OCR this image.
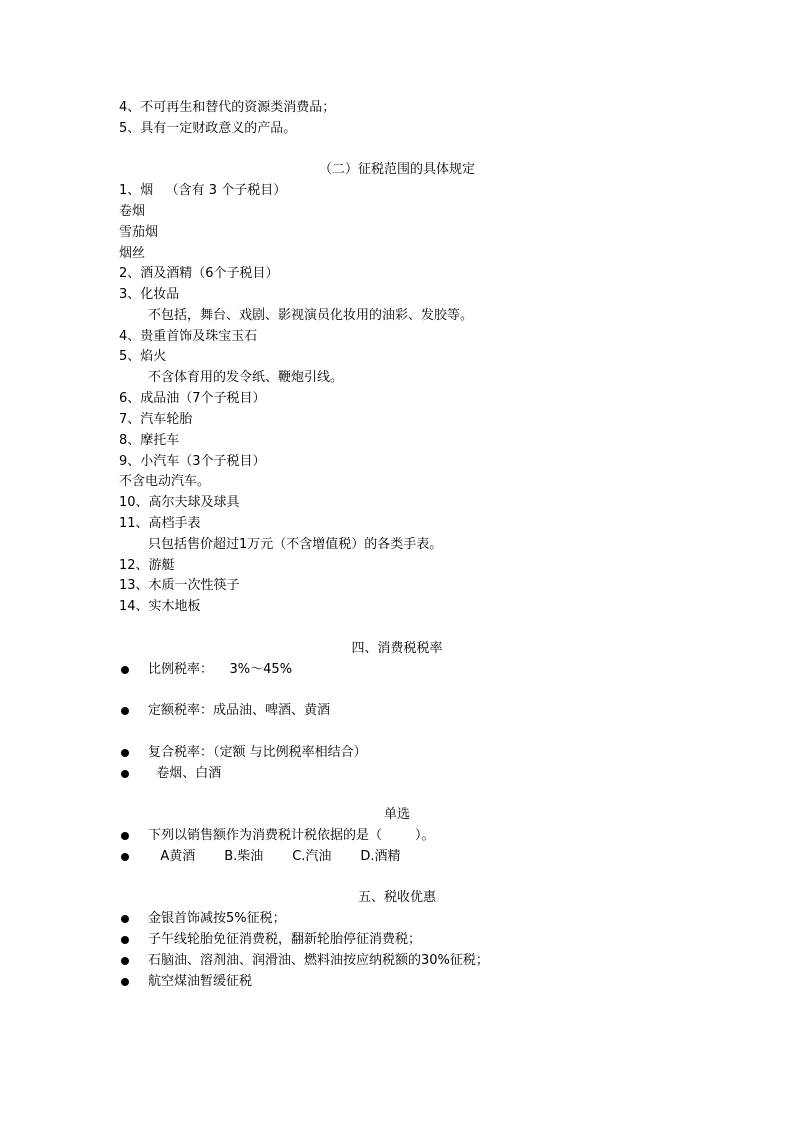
4、不可再生和替代的资源类消费品；
5、具有一定财政意义的产品。
（二）征税范围的具体规定
1、烟   （含有 3 个子税目）
卷烟
雪茄烟
烟丝
2、酒及酒精（6个子税目）
3、化妆品
不包括，舞台、戏剧、影视演员化妆用的油彩、发胶等。
4、贵重首饰及珠宝玉石
5、焰火
不含体育用的发令纸、鞭炮引线。
6、成品油（7个子税目）
7、汽车轮胎
8、摩托车
9、小汽车（3个子税目）
不含电动汽车。
10、高尔夫球及球具
11、高档手表
只包括售价超过1万元（不含增值税）的各类手表。
12、游艇
13、木质一次性筷子
14、实木地板
四、消费税税率
比例税率：    3%～45%
定额税率：成品油、啤酒、黄酒
复合税率：（定额 与比例税率相结合）
卷烟、白酒
单选
下列以销售额作为消费税计税依据的是（        ）。
A黄酒       B.柴油       C.汽油       D.酒精
五、税收优惠
金银首饰减按5%征税；
子午线轮胎免征消费税，翻新轮胎停征消费税；
石脑油、溶剂油、润滑油、燃料油按应纳税额的30%征税；
航空煤油暂缓征税
